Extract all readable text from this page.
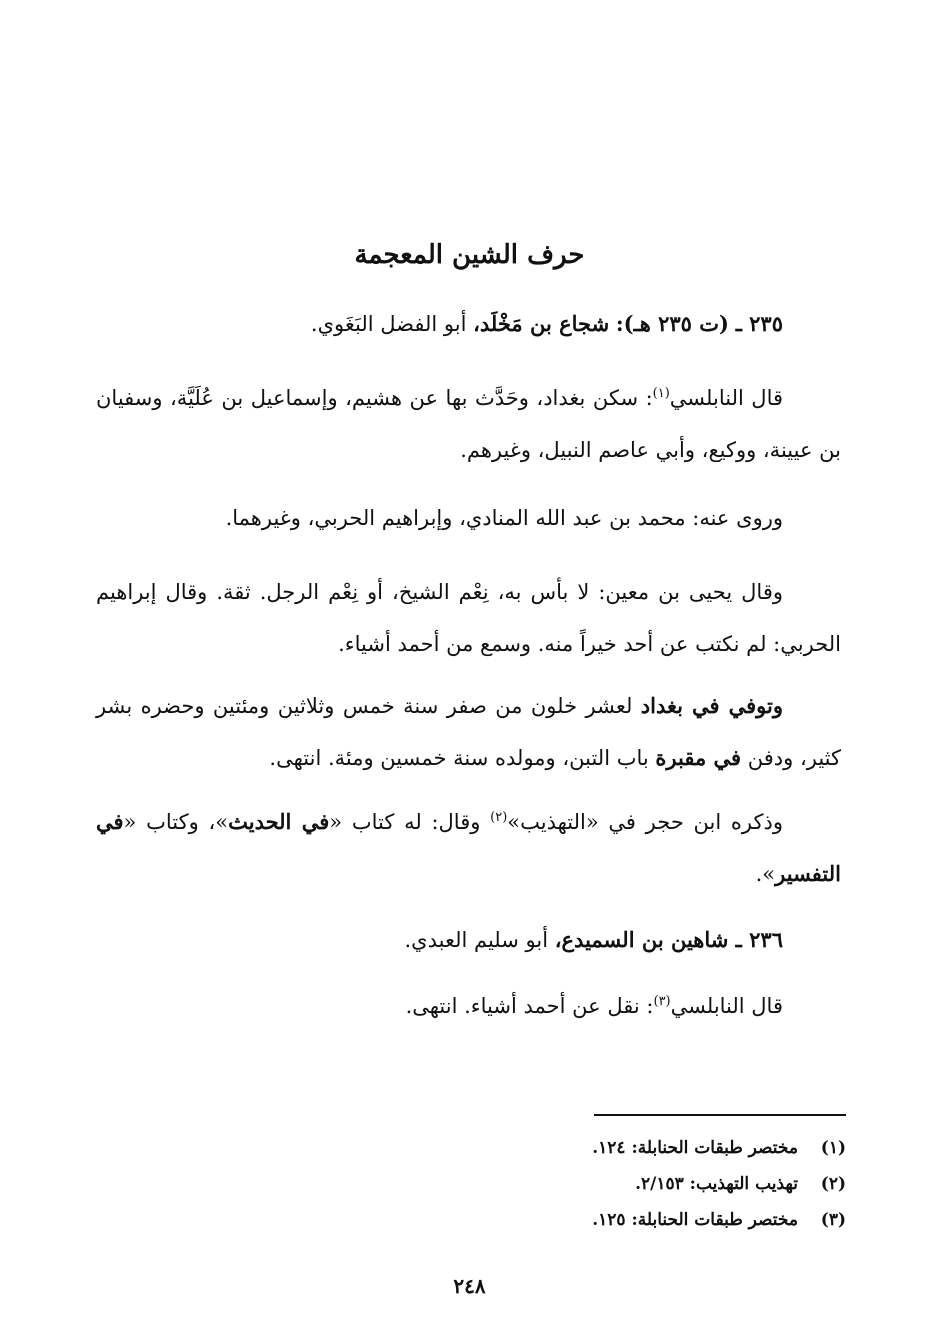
حرف الشين المعجمة

٢٣٥ ـ (ت ٢٣٥ هـ): شجاع بن مَخْلَد، أبو الفضل البَغَوي.

قال النابلسي$^{(١)}$: سكن بغداد، وحَدَّث بها عن هشيم، وإسماعيل بن عُلَيَّة، وسفيان بن عيينة، ووكيع، وأبي عاصم النبيل، وغيرهم.

وروى عنه: محمد بن عبد الله المنادي، وإبراهيم الحربي، وغيرهما.

وقال يحيى بن معين: لا بأس به، نِعْم الشيخ، أو نِعْم الرجل. ثقة. وقال إبراهيم الحربي: لم نكتب عن أحد خيراً منه. وسمع من أحمد أشياء.

وتوفي في بغداد لعشر خلون من صفر سنة خمس وثلاثين ومئتين وحضره بشر كثير، ودفن في مقبرة باب التبن، ومولده سنة خمسين ومئة. انتهى.

وذكره ابن حجر في «التهذيب»$^{(٢)}$ وقال: له كتاب «في الحديث»، وكتاب «في التفسير».

٢٣٦ ـ شاهين بن السميدع، أبو سليم العبدي.

قال النابلسي$^{(٣)}$: نقل عن أحمد أشياء. انتهى.

(١)
مختصر طبقات الحنابلة: ١٢٤.
(٢)
تهذيب التهذيب: ٢/١٥٣.
(٣)
مختصر طبقات الحنابلة: ١٢٥.
٢٤٨
